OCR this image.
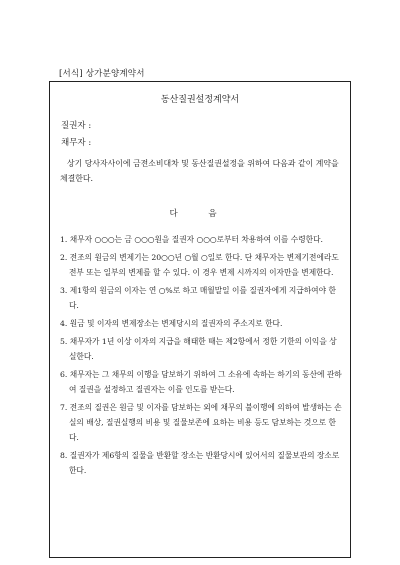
[서식] 상가분양계약서
동산질권설정계약서
질권자 :
채무자 :
상기 당사자사이에 금전소비대차 및 동산질권설정을 위하여 다음과 같이 계약을 체결한다.
다 음
1. 채무자 ○○○는 금 ○○○원을 질권자 ○○○로부터 차용하여 이를 수령한다.
2. 전조의 원금의 변제기는 20○○년 ○월 ○일로 한다. 단 채무자는 변제기전에라도 전부 또는 일부의 변제를 할 수 있다. 이 경우 변제 시까지의 이자만을 변제한다.
3. 제1항의 원금의 이자는 연 ○%로 하고 매월말일 이를 질권자에게 지급하여야 한다.
4. 원금 및 이자의 변제장소는 변제당시의 질권자의 주소지로 한다.
5. 채무자가 1년 이상 이자의 지급을 해태한 때는 제2항에서 정한 기한의 이익을 상실한다.
6. 채무자는 그 채무의 이행을 담보하기 위하여 그 소유에 속하는 하기의 동산에 관하여 질권을 설정하고 질권자는 이를 인도를 받는다.
7. 전조의 질권은 원금 및 이자를 담보하는 외에 채무의 불이행에 의하여 발생하는 손실의 배상, 질권실행의 비용 및 질물보존에 요하는 비용 등도 담보하는 것으로 한다.
8. 질권자가 제6항의 질물을 반환할 장소는 반환당시에 있어서의 질물보관의 장소로 한다.
